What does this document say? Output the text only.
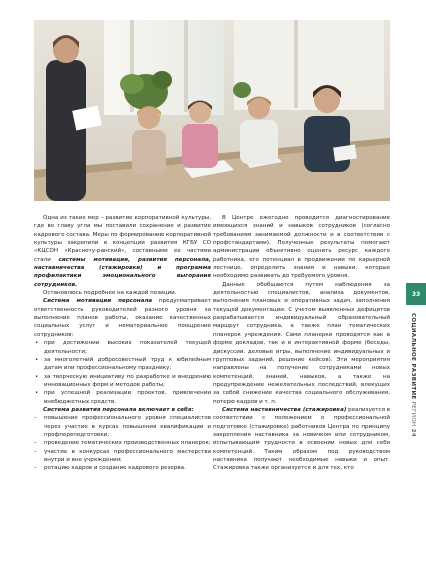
Одна из таких мер – развитие корпоративной культуры, где во главу угла мы поставили сохранение и развитие кадрового состава. Меры по формированию корпоративной культуры закрепили в концепции развития КГБУ СО «КЦСОН «Красноту-ранский», составными ее частями стали системы мотивации, развития персонала, наставничества (стажировки) и программа профилактики эмоционального выгорания сотрудников.

Остановлюсь подробнее на каждой позиции.

Система мотивации персонала предусматривает ответственность руководителей разного уровня за выполнение планов работы, оказание качественных социальных услуг и нематериальное поощрение сотрудников:

• при достижении высоких показателей текущей деятельности;
• за многолетний добросовестный труд к юбилейным датам или профессиональному празднику;
• за творческую инициативу по разработке и внедрению инновационных форм и методов работы;
• при успешной реализации проектов, привлечении внебюджетных средств.

Система развития персонала включает в себя:

– повышение профессионального уровня специалистов через участие в курсах повышения квалификации и профпереподготовки;
– проведение тематических производственных планерок;
– участие в конкурсах профессионального мастерства внутри и вне учреждения;
– ротацию кадров и создание кадрового резерва.

В Центре ежегодно проводится диагностирование имеющихся знаний и навыков сотрудников (согласно требованиям занимаемой должности и в соответствии с профстандартами). Полученные результаты помогают администрации объективно оценить ресурс каждого работника, его потенциал в продвижении по карьерной лестнице, определить знания и навыки, которые необходимо развивать до требуемого уровня.

Данные обобщаются путем наблюдения за деятельностью специалистов, анализа документов, выполнения плановых и оперативных задач, заполнения текущей документации. С учетом выявленных дефицитов разрабатывается индивидуальный образовательный маршрут сотрудника, а также план тематических планерок учреждения. Сами планерки проводятся как в форме докладов, так и в интерактивной форме (беседы, дискуссии, деловые игры, выполнение индивидуальных и групповых заданий, решение кейсов). Эти мероприятия направлены на получение сотрудниками новых компетенций, знаний, навыков, а также на предупреждение нежелательных последствий, влекущих за собой снижение качества социального обслуживания, потерю кадров и т. п.

Система наставничества (стажировка) реализуется в соответствии с положением о профессиональной подготовке (стажировке) работников Центра по принципу закрепления наставника за новичком или сотрудником, испытывающим трудности в освоении новых для себя компетенций. Таким образом под руководством наставника получают необходимые навыки и опыт. Стажировка также организуется и для тех, кто

33
СОЦИАЛЬНОЕ РАЗВИТИЕ РЕГИОН 24
